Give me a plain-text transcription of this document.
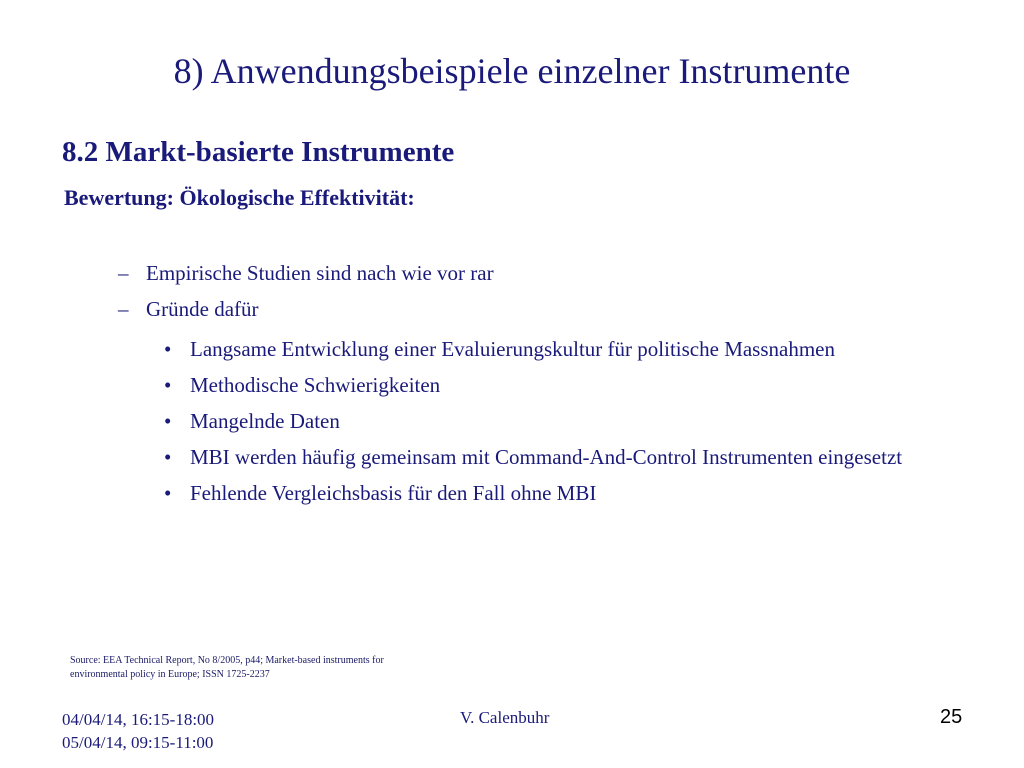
8) Anwendungsbeispiele einzelner Instrumente
8.2 Markt-basierte Instrumente
Bewertung: Ökologische Effektivität:
– Empirische Studien sind nach wie vor rar
– Gründe dafür
• Langsame Entwicklung einer Evaluierungskultur für politische Massnahmen
• Methodische Schwierigkeiten
• Mangelnde Daten
• MBI werden häufig gemeinsam mit Command-And-Control Instrumenten eingesetzt
• Fehlende Vergleichsbasis für den Fall ohne MBI
Source: EEA Technical Report, No 8/2005, p44; Market-based instruments for
environmental policy in Europe; ISSN 1725-2237
04/04/14, 16:15-18:00
05/04/14, 09:15-11:00
V. Calenbuhr	25
